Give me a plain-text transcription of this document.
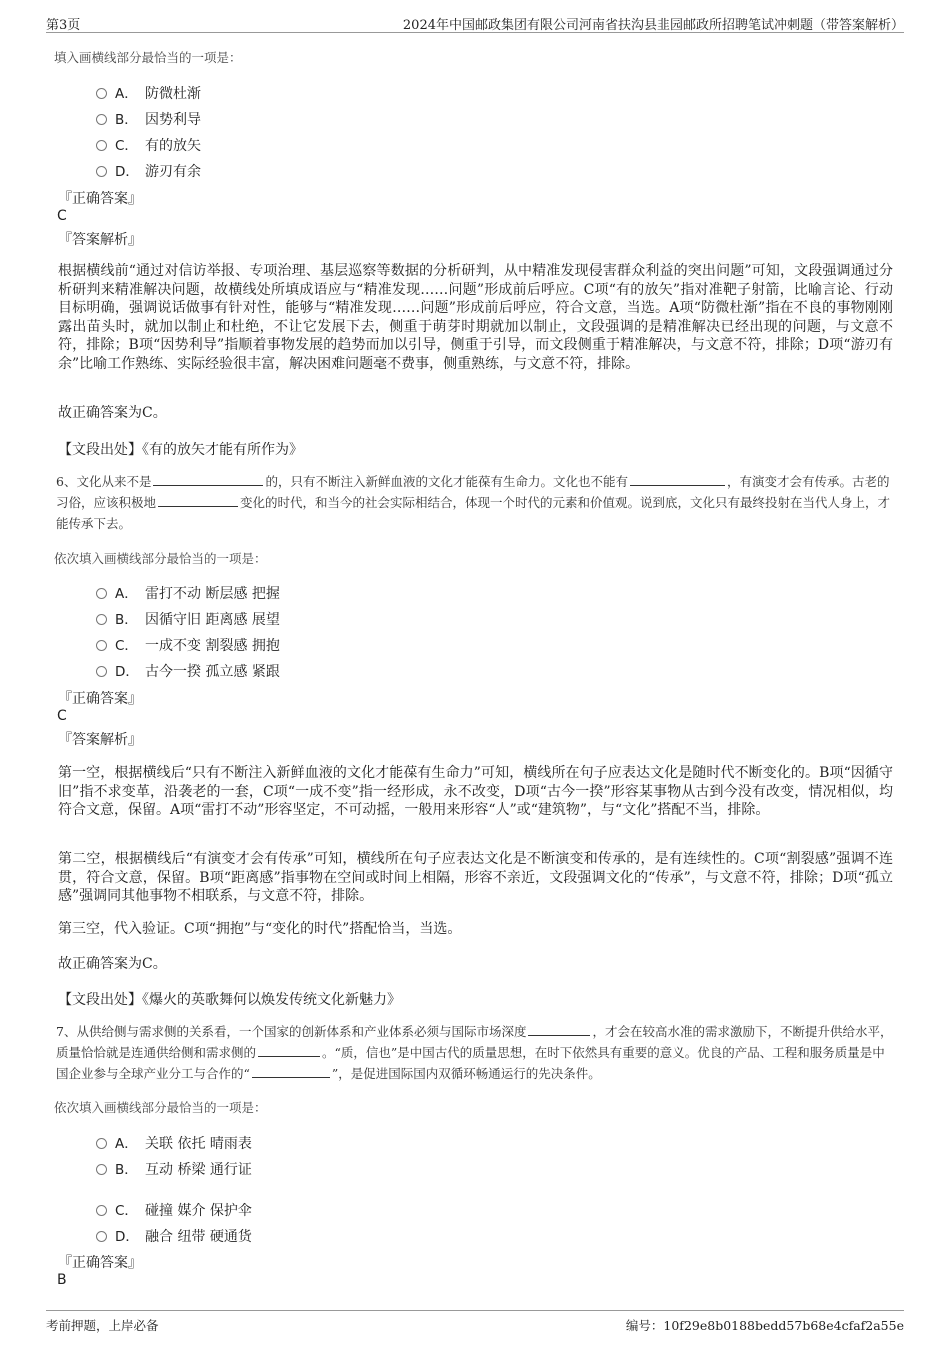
第3页	2024年中国邮政集团有限公司河南省扶沟县韭园邮政所招聘笔试冲刺题（带答案解析）
填入画横线部分最恰当的一项是：
A． 防微杜渐
B． 因势利导
C． 有的放矢
D． 游刃有余
『正确答案』
C
『答案解析』
根据横线前“通过对信访举报、专项治理、基层巡察等数据的分析研判，从中精准发现侵害群众利益的突出问题”可知，文段强调通过分析研判来精准解决问题，故横线处所填成语应与“精准发现……问题”形成前后呼应。C项“有的放矢”指对准靶子射箭，比喻言论、行动目标明确，强调说话做事有针对性，能够与“精准发现……问题”形成前后呼应，符合文意，当选。A项“防微杜渐”指在不良的事物刚刚露出苗头时，就加以制止和杜绝，不让它发展下去，侧重于萌芽时期就加以制止，文段强调的是精准解决已经出现的问题，与文意不符，排除；B项“因势利导”指顺着事物发展的趋势而加以引导，侧重于引导，而文段侧重于精准解决，与文意不符，排除；D项“游刃有余”比喻工作熟练、实际经验很丰富，解决困难问题毫不费事，侧重熟练，与文意不符，排除。
故正确答案为C。
【文段出处】《有的放矢才能有所作为》
6、文化从来不是	的，只有不断注入新鲜血液的文化才能葆有生命力。文化也不能有	，有演变才会有传承。古老的习俗，应该积极地	变化的时代，和当今的社会实际相结合，体现一个时代的元素和价值观。说到底，文化只有最终投射在当代人身上，才能传承下去。
依次填入画横线部分最恰当的一项是：
A． 雷打不动 断层感 把握
B． 因循守旧 距离感 展望
C． 一成不变 割裂感 拥抱
D． 古今一揆 孤立感 紧跟
『正确答案』
C
『答案解析』
第一空，根据横线后“只有不断注入新鲜血液的文化才能葆有生命力”可知，横线所在句子应表达文化是随时代不断变化的。B项“因循守旧”指不求变革，沿袭老的一套，C项“一成不变”指一经形成，永不改变，D项“古今一揆”形容某事物从古到今没有改变，情况相似，均符合文意，保留。A项“雷打不动”形容坚定，不可动摇，一般用来形容“人”或“建筑物”，与“文化”搭配不当，排除。
第二空，根据横线后“有演变才会有传承”可知，横线所在句子应表达文化是不断演变和传承的，是有连续性的。C项“割裂感”强调不连贯，符合文意，保留。B项“距离感”指事物在空间或时间上相隔，形容不亲近，文段强调文化的“传承”，与文意不符，排除；D项“孤立感”强调同其他事物不相联系，与文意不符，排除。
第三空，代入验证。C项“拥抱”与“变化的时代”搭配恰当，当选。
故正确答案为C。
【文段出处】《爆火的英歌舞何以焕发传统文化新魅力》
7、从供给侧与需求侧的关系看，一个国家的创新体系和产业体系必须与国际市场深度	，才会在较高水准的需求激励下，不断提升供给水平，质量恰恰就是连通供给侧和需求侧的	。“质，信也”是中国古代的质量思想，在时下依然具有重要的意义。优良的产品、工程和服务质量是中国企业参与全球产业分工与合作的“	”，是促进国际国内双循环畅通运行的先决条件。
依次填入画横线部分最恰当的一项是：
A． 关联 依托 晴雨表
B． 互动 桥梁 通行证
C． 碰撞 媒介 保护伞
D． 融合 纽带 硬通货
『正确答案』
B
考前押题，上岸必备	编号：10f29e8b0188bedd57b68e4cfaf2a55e
